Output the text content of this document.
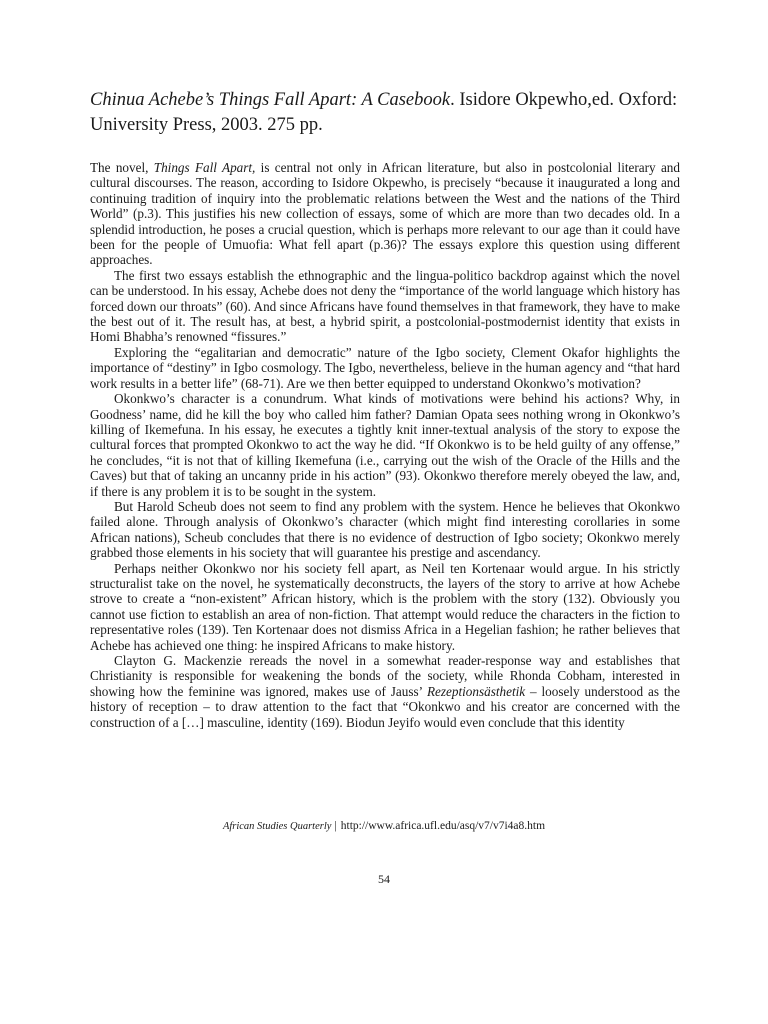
Chinua Achebe’s Things Fall Apart: A Casebook. Isidore Okpewho,ed. Oxford:
University Press, 2003. 275 pp.

The novel, Things Fall Apart, is central not only in African literature, but also in postcolonial literary and cultural discourses. The reason, according to Isidore Okpewho, is precisely “because it inaugurated a long and continuing tradition of inquiry into the problematic relations between the West and the nations of the Third World” (p.3). This justifies his new collection of essays, some of which are more than two decades old. In a splendid introduction, he poses a crucial question, which is perhaps more relevant to our age than it could have been for the people of Umuofia: What fell apart (p.36)? The essays explore this question using different approaches.

The first two essays establish the ethnographic and the lingua-politico backdrop against which the novel can be understood. In his essay, Achebe does not deny the “importance of the world language which history has forced down our throats” (60). And since Africans have found themselves in that framework, they have to make the best out of it. The result has, at best, a hybrid spirit, a postcolonial-postmodernist identity that exists in Homi Bhabha’s renowned “fissures.”

Exploring the “egalitarian and democratic” nature of the Igbo society, Clement Okafor highlights the importance of “destiny” in Igbo cosmology. The Igbo, nevertheless, believe in the human agency and “that hard work results in a better life” (68-71). Are we then better equipped to understand Okonkwo’s motivation?

Okonkwo’s character is a conundrum. What kinds of motivations were behind his actions? Why, in Goodness’ name, did he kill the boy who called him father? Damian Opata sees nothing wrong in Okonkwo’s killing of Ikemefuna. In his essay, he executes a tightly knit inner-textual analysis of the story to expose the cultural forces that prompted Okonkwo to act the way he did. “If Okonkwo is to be held guilty of any offense,” he concludes, “it is not that of killing Ikemefuna (i.e., carrying out the wish of the Oracle of the Hills and the Caves) but that of taking an uncanny pride in his action” (93). Okonkwo therefore merely obeyed the law, and, if there is any problem it is to be sought in the system.

But Harold Scheub does not seem to find any problem with the system. Hence he believes that Okonkwo failed alone. Through analysis of Okonkwo’s character (which might find interesting corollaries in some African nations), Scheub concludes that there is no evidence of destruction of Igbo society; Okonkwo merely grabbed those elements in his society that will guarantee his prestige and ascendancy.

Perhaps neither Okonkwo nor his society fell apart, as Neil ten Kortenaar would argue. In his strictly structuralist take on the novel, he systematically deconstructs, the layers of the story to arrive at how Achebe strove to create a “non-existent” African history, which is the problem with the story (132). Obviously you cannot use fiction to establish an area of non-fiction. That attempt would reduce the characters in the fiction to representative roles (139). Ten Kortenaar does not dismiss Africa in a Hegelian fashion; he rather believes that Achebe has achieved one thing: he inspired Africans to make history.

Clayton G. Mackenzie rereads the novel in a somewhat reader-response way and establishes that Christianity is responsible for weakening the bonds of the society, while Rhonda Cobham, interested in showing how the feminine was ignored, makes use of Jauss’ Rezeptionsästhetik – loosely understood as the history of reception – to draw attention to the fact that “Okonkwo and his creator are concerned with the construction of a […] masculine, identity (169). Biodun Jeyifo would even conclude that this identity

African Studies Quarterly | http://www.africa.ufl.edu/asq/v7/v7i4a8.htm
54
